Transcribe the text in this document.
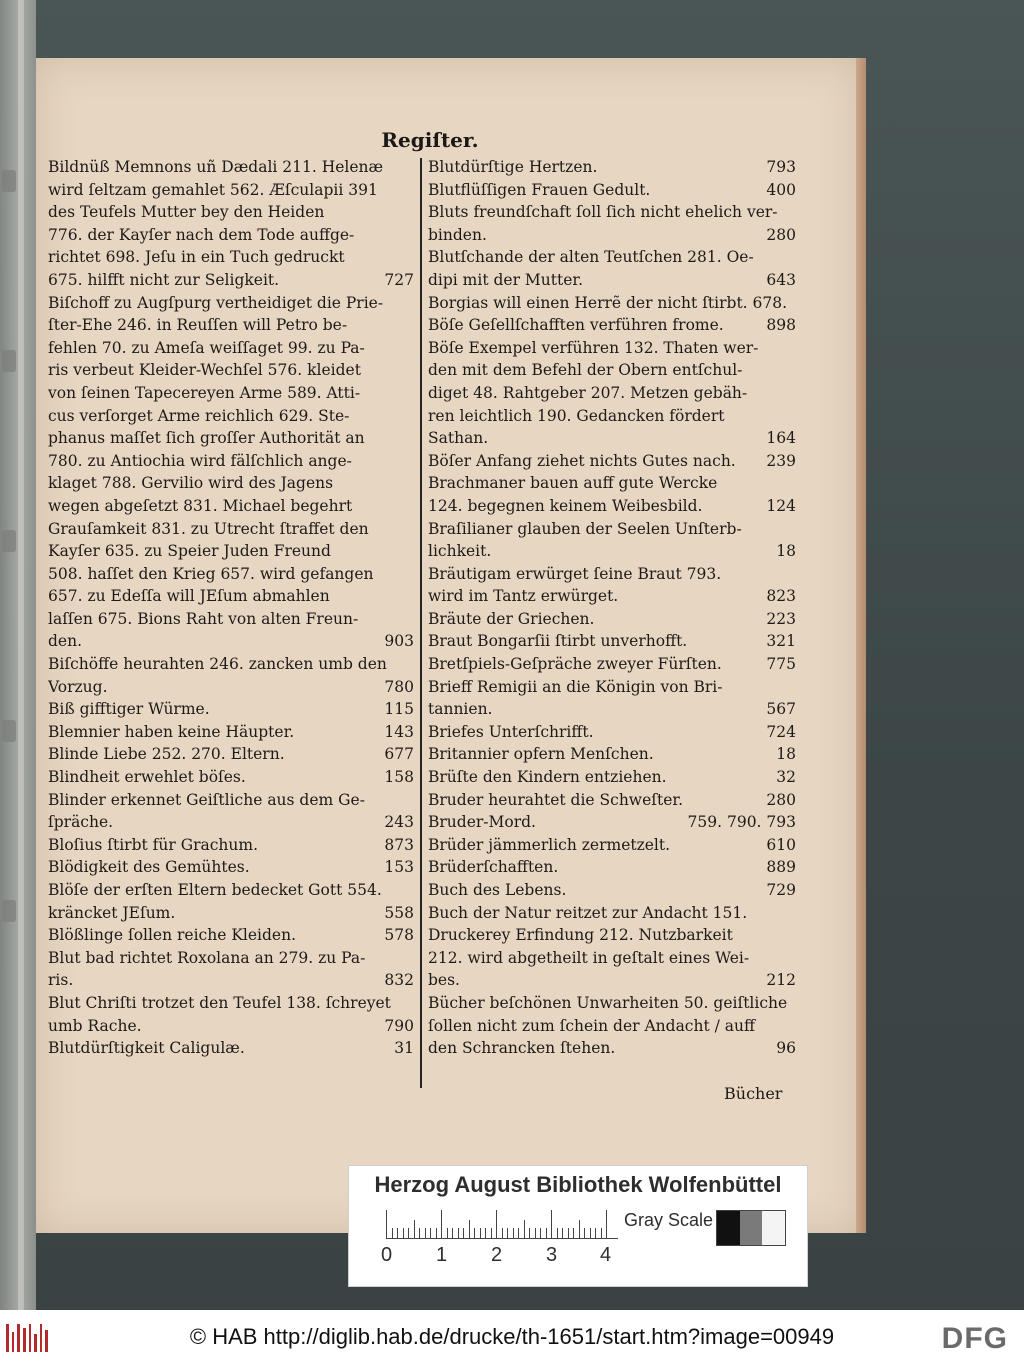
Regiſter.
Bildnüß Memnons uñ Dædali 211. Helenæ
wird ſeltzam gemahlet 562. Æſculapii 391
des Teufels Mutter bey den Heiden
776. der Kayſer nach dem Tode auffge-
richtet 698. Jeſu in ein Tuch gedruckt
675. hilfft nicht zur Seligkeit.	727
Biſchoff zu Augſpurg vertheidiget die Prie-
ſter-Ehe 246. in Reuſſen will Petro be-
fehlen 70. zu Ameſa weiſſaget 99. zu Pa-
ris verbeut Kleider-Wechſel 576. kleidet
von ſeinen Tapecereyen Arme 589. Atti-
cus verſorget Arme reichlich 629. Ste-
phanus maſſet ſich groſſer Authorität an
780. zu Antiochia wird fälſchlich ange-
klaget 788. Gervilio wird des Jagens
wegen abgeſetzt 831. Michael begehrt
Grauſamkeit 831. zu Utrecht ſtraffet den
Kayſer 635. zu Speier Juden Freund
508. haſſet den Krieg 657. wird gefangen
657. zu Edeſſa will JEſum abmahlen
laſſen 675. Bions Raht von alten Freun-
den.	903
Biſchöffe heurahten 246. zancken umb den
Vorzug.	780
Biß gifftiger Würme.	115
Blemnier haben keine Häupter.	143
Blinde Liebe 252. 270. Eltern.	677
Blindheit erwehlet böſes.	158
Blinder erkennet Geiſtliche aus dem Ge-
ſpräche.	243
Bloſius ſtirbt für Grachum.	873
Blödigkeit des Gemühtes.	153
Blöſe der erſten Eltern bedecket Gott 554.
kräncket JEſum.	558
Blößlinge ſollen reiche Kleiden.	578
Blut bad richtet Roxolana an 279. zu Pa-
ris.	832
Blut Chriſti trotzet den Teufel 138. ſchreyet
umb Rache.	790
Blutdürſtigkeit Caligulæ.	31
Blutdürſtige Hertzen.	793
Blutflüſſigen Frauen Gedult.	400
Bluts freundſchaft ſoll ſich nicht ehelich ver-
binden.	280
Blutſchande der alten Teutſchen 281. Oe-
dipi mit der Mutter.	643
Borgias will einen Herrẽ der nicht ſtirbt. 678.
Böſe Geſellſchafften verführen frome.	898
Böſe Exempel verführen 132. Thaten wer-
den mit dem Befehl der Obern entſchul-
diget 48. Rahtgeber 207. Metzen gebäh-
ren leichtlich 190. Gedancken fördert
Sathan.	164
Böſer Anfang ziehet nichts Gutes nach. 239
Brachmaner bauen auff gute Wercke
124. begegnen keinem Weibesbild.	124
Braſilianer glauben der Seelen Unſterb-
lichkeit.	18
Bräutigam erwürget ſeine Braut 793.
wird im Tantz erwürget.	823
Bräute der Griechen.	223
Braut Bongarſii ſtirbt unverhofft.	321
Bretſpiels-Geſpräche zweyer Fürſten.	775
Brieff Remigii an die Königin von Bri-
tannien.	567
Briefes Unterſchrifft.	724
Britannier opfern Menſchen.	18
Brüſte den Kindern entziehen.	32
Bruder heurahtet die Schweſter.	280
Bruder-Mord.	759. 790. 793
Brüder jämmerlich zermetzelt.	610
Brüderſchafften.	889
Buch des Lebens.	729
Buch der Natur reitzet zur Andacht 151.
Druckerey Erfindung 212. Nutzbarkeit
212. wird abgetheilt in geſtalt eines Wei-
bes.	212
Bücher beſchönen Unwarheiten 50. geiſtliche
ſollen nicht zum ſchein der Andacht / auff
den Schrancken ſtehen.	96
Bücher
Herzog August Bibliothek Wolfenbüttel
0 1 2 3 4
Gray Scale
© HAB http://diglib.hab.de/drucke/th-1651/start.htm?image=00949	DFG
